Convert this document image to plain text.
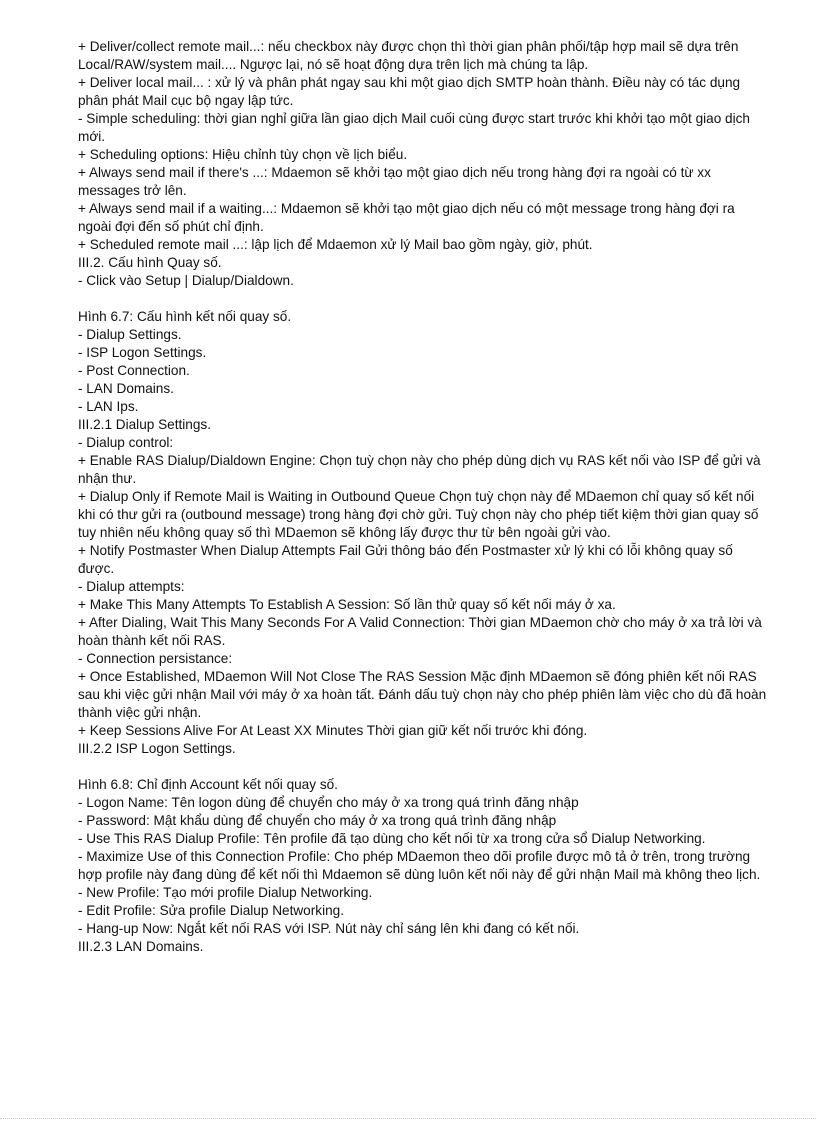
+ Deliver/collect remote mail...: nếu checkbox này được chọn thì thời gian phân phối/tập hợp mail sẽ dựa trên Local/RAW/system mail.... Ngược lại, nó sẽ hoạt động dựa trên lịch mà chúng ta lập.
+ Deliver local mail... : xử lý và phân phát ngay sau khi một giao dịch SMTP hoàn thành. Điều này có tác dụng phân phát Mail cục bộ ngay lập tức.
- Simple scheduling: thời gian nghỉ giữa lần giao dịch Mail cuối cùng được start trước khi khởi tạo một giao dịch mới.
+ Scheduling options: Hiệu chỉnh tùy chọn về lịch biểu.
+ Always send mail if there's ...: Mdaemon sẽ khởi tạo một giao dịch nếu trong hàng đợi ra ngoài có từ xx messages trở lên.
+ Always send mail if a waiting...: Mdaemon sẽ khởi tạo một giao dịch nếu có một message trong hàng đợi ra ngoài đợi đến số phút chỉ định.
+ Scheduled remote mail ...: lập lịch để Mdaemon xử lý Mail bao gồm ngày, giờ, phút.
III.2. Cấu hình Quay số.
- Click vào Setup | Dialup/Dialdown.
Hình 6.7: Cấu hình kết nối quay số.
- Dialup Settings.
- ISP Logon Settings.
- Post Connection.
- LAN Domains.
- LAN Ips.
III.2.1 Dialup Settings.
- Dialup control:
+ Enable RAS Dialup/Dialdown Engine: Chọn tuỳ chọn này cho phép dùng dịch vụ RAS kết nối vào ISP để gửi và nhận thư.
+ Dialup Only if Remote Mail is Waiting in Outbound Queue Chọn tuỳ chọn này để MDaemon chỉ quay số kết nối khi có thư gửi ra (outbound message) trong hàng đợi chờ gửi. Tuỳ chọn này cho phép tiết kiệm thời gian quay số tuy nhiên nếu không quay số thì MDaemon sẽ không lấy được thư từ bên ngoài gửi vào.
+ Notify Postmaster When Dialup Attempts Fail Gửi thông báo đến Postmaster xử lý khi có lỗi không quay số được.
- Dialup attempts:
+ Make This Many Attempts To Establish A Session: Số lần thử quay số kết nối máy ở xa.
+ After Dialing, Wait This Many Seconds For A Valid Connection: Thời gian MDaemon chờ cho máy ở xa trả lời và hoàn thành kết nối RAS.
- Connection persistance:
+ Once Established, MDaemon Will Not Close The RAS Session Mặc định MDaemon sẽ đóng phiên kết nối RAS sau khi việc gửi nhận Mail với máy ở xa hoàn tất. Đánh dấu tuỳ chọn này cho phép phiên làm việc cho dù đã hoàn thành việc gửi nhận.
+ Keep Sessions Alive For At Least XX Minutes Thời gian giữ kết nối trước khi đóng.
III.2.2 ISP Logon Settings.
Hình 6.8: Chỉ định Account kết nối quay số.
- Logon Name: Tên logon dùng để chuyển cho máy ở xa trong quá trình đăng nhập
- Password: Mật khẩu dùng để chuyển cho máy ở xa trong quá trình đăng nhập
- Use This RAS Dialup Profile: Tên profile đã tạo dùng cho kết nối từ xa trong cửa sổ Dialup Networking.
- Maximize Use of this Connection Profile: Cho phép MDaemon theo dõi profile được mô tả ở trên, trong trường hợp profile này đang dùng để kết nối thì Mdaemon sẽ dùng luôn kết nối này để gửi nhận Mail mà không theo lịch.
- New Profile: Tạo mới profile Dialup Networking.
- Edit Profile: Sửa profile Dialup Networking.
- Hang-up Now: Ngắt kết nối RAS với ISP. Nút này chỉ sáng lên khi đang có kết nối.
III.2.3 LAN Domains.
